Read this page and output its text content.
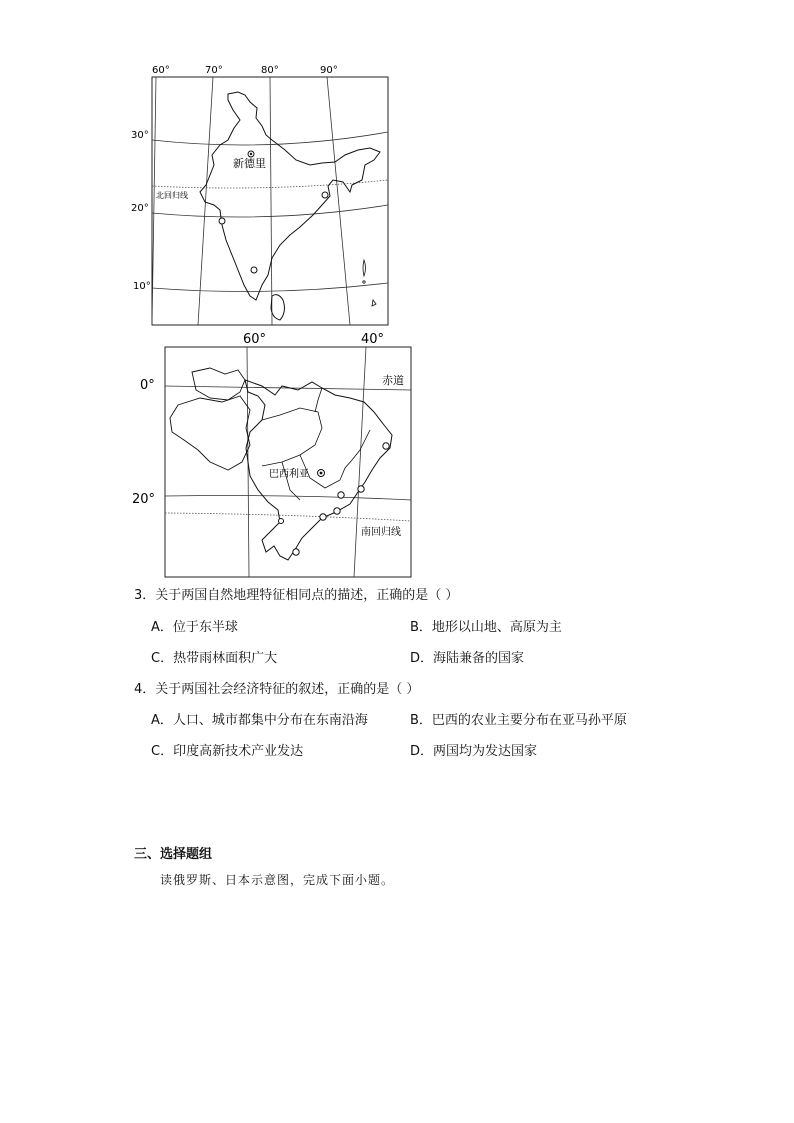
60°	70°	80°	90°
30°
20°
10°
新德里
北回归线
60°	40°
0°
20°
赤道
巴西利亚
南回归线
3．关于两国自然地理特征相同点的描述，正确的是（ ）
A．位于东半球	B．地形以山地、高原为主
C．热带雨林面积广大	D．海陆兼备的国家
4．关于两国社会经济特征的叙述，正确的是（ ）
A．人口、城市都集中分布在东南沿海	B．巴西的农业主要分布在亚马孙平原
C．印度高新技术产业发达	D．两国均为发达国家
三、选择题组
读俄罗斯、日本示意图，完成下面小题。
